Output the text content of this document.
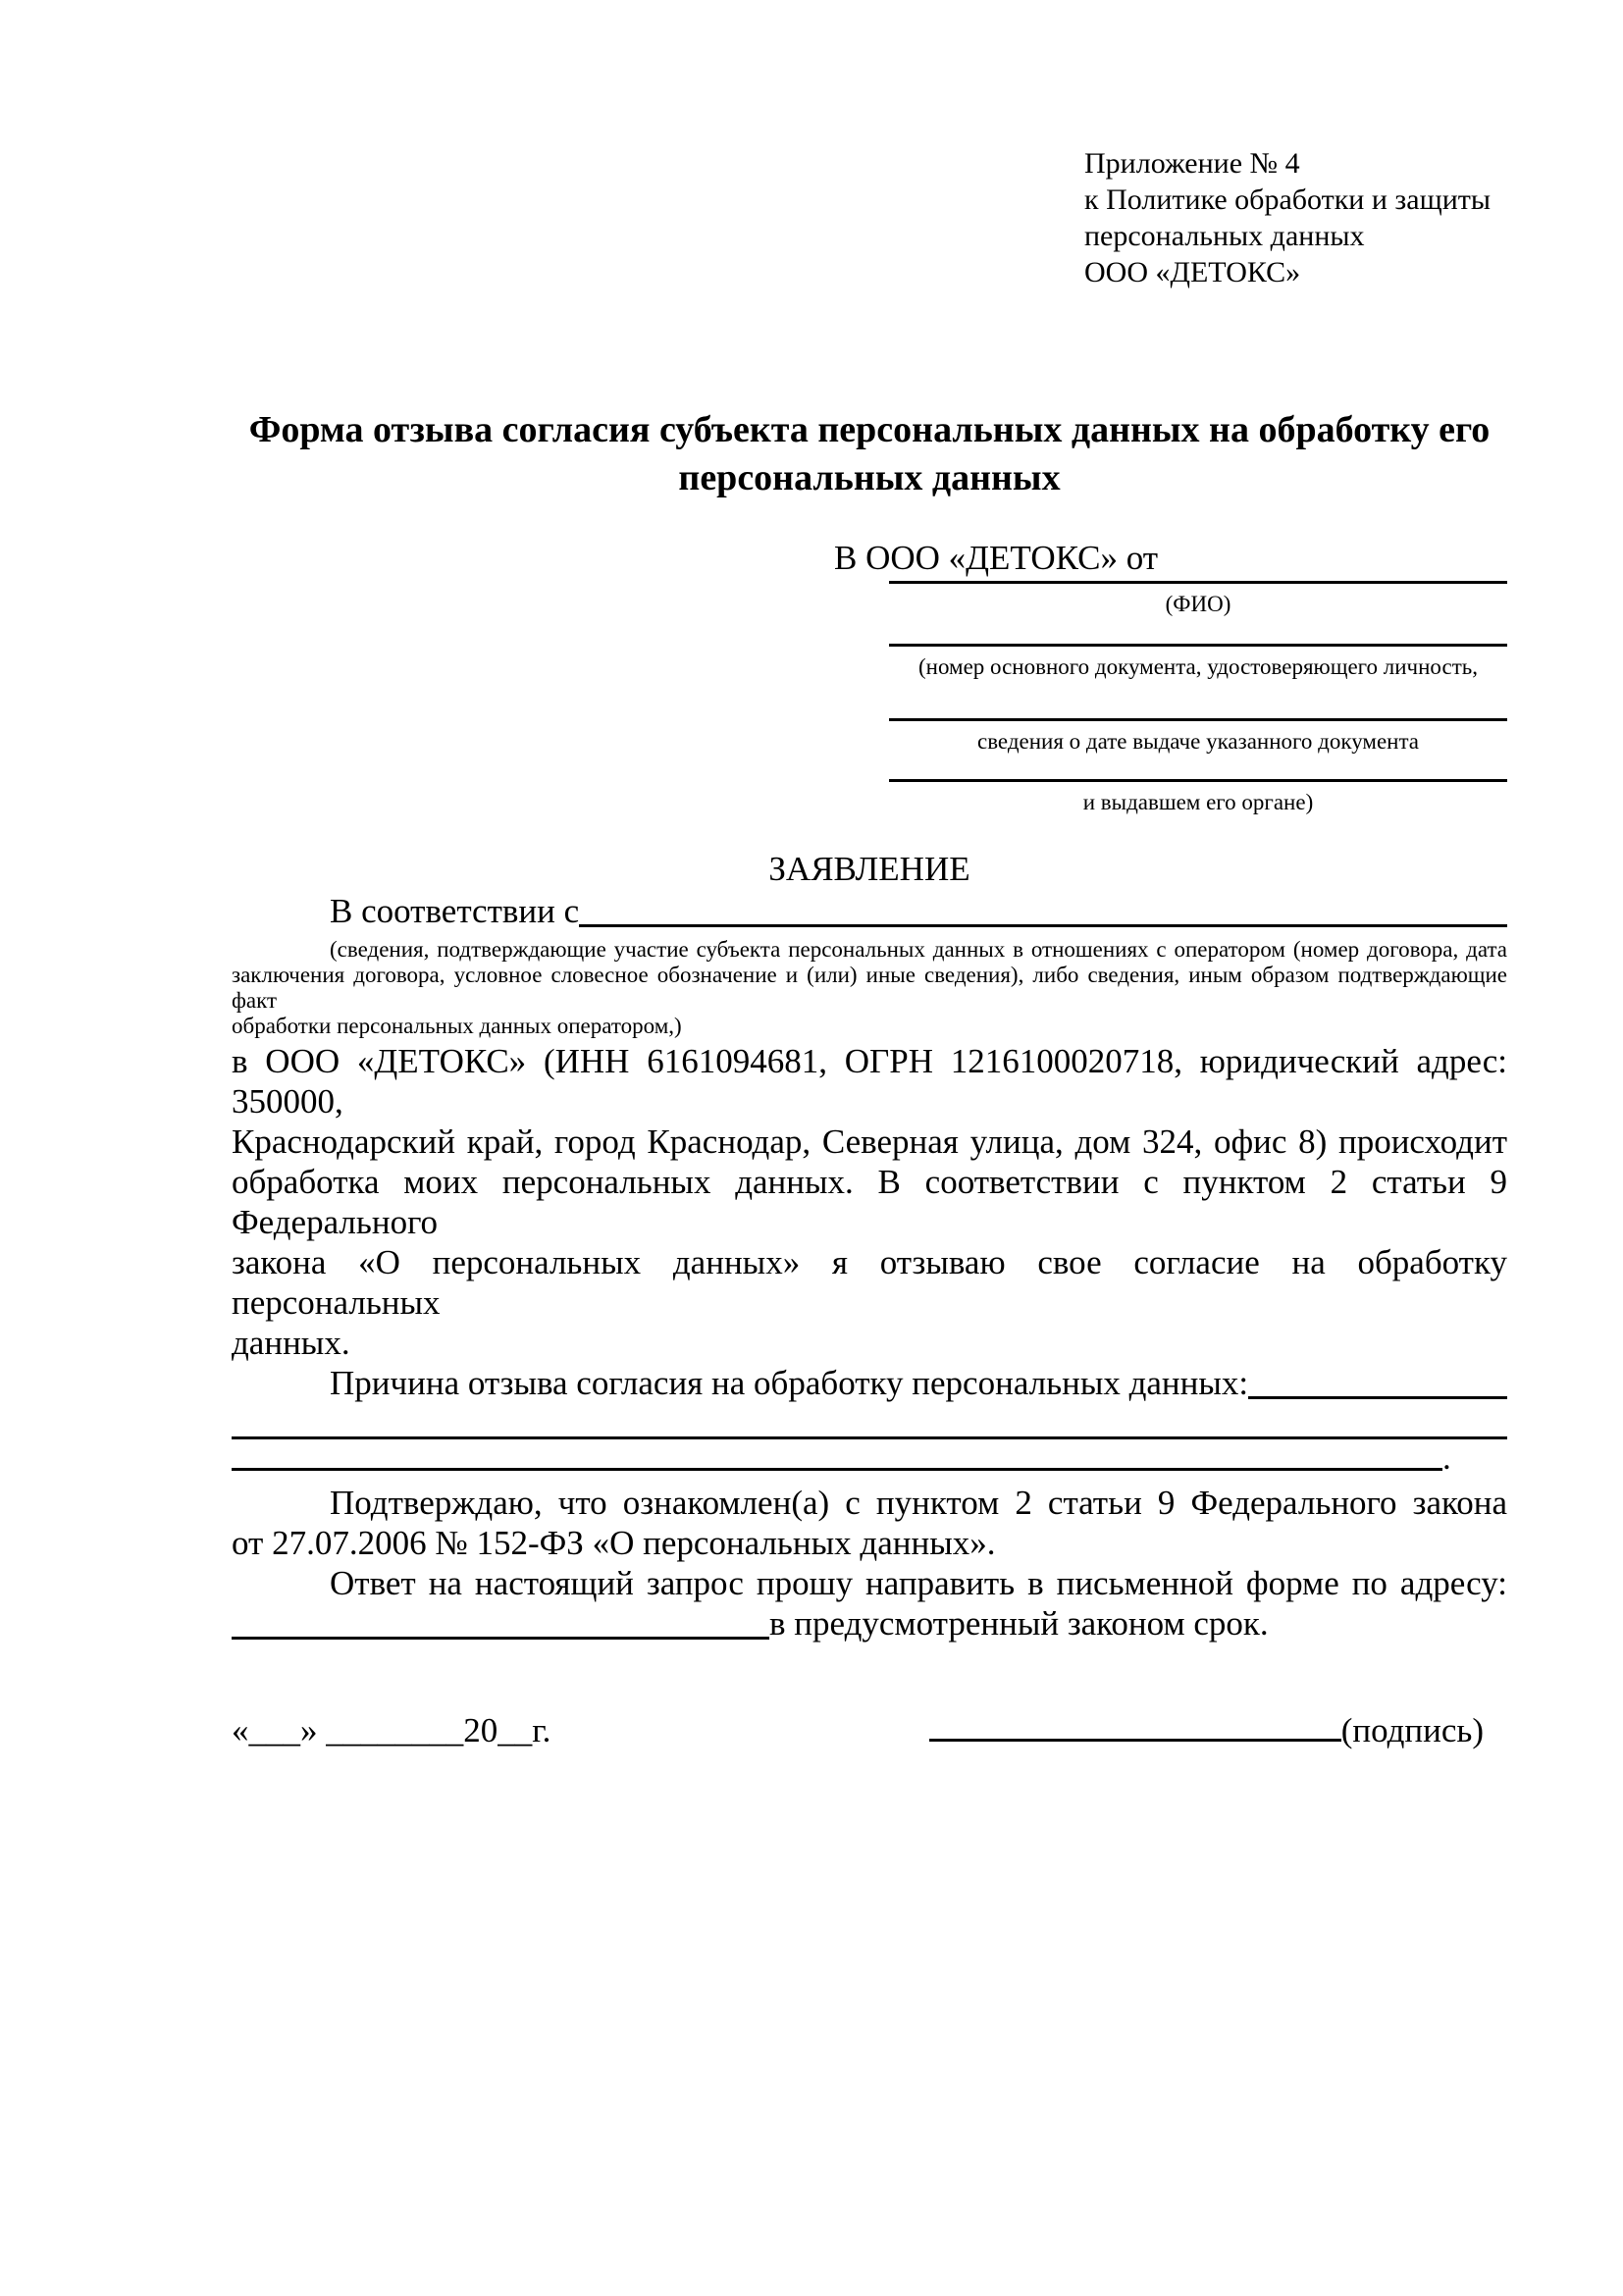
Приложение № 4
к Политике обработки и защиты
персональных данных
ООО «ДЕТОКС»
Форма отзыва согласия субъекта персональных данных на обработку его персональных данных
В ООО «ДЕТОКС» от
(ФИО)
(номер основного документа, удостоверяющего личность,
сведения о дате выдаче указанного документа
и выдавшем его органе)
ЗАЯВЛЕНИЕ
В соответствии с
(сведения, подтверждающие участие субъекта персональных данных в отношениях с оператором (номер договора, дата
заключения договора, условное словесное обозначение и (или) иные сведения), либо сведения, иным образом подтверждающие факт
обработки персональных данных оператором,)
в ООО «ДЕТОКС» (ИНН 6161094681, ОГРН 1216100020718, юридический адрес: 350000,
Краснодарский край, город Краснодар, Северная улица, дом 324, офис 8) происходит
обработка моих персональных данных. В соответствии с пунктом 2 статьи 9 Федерального
закона «О персональных данных» я отзываю свое согласие на обработку персональных
данных.
Причина отзыва согласия на обработку персональных данных:
.
Подтверждаю, что ознакомлен(а) с пунктом 2 статьи 9 Федерального закона
от 27.07.2006 № 152-ФЗ «О персональных данных».
Ответ на настоящий запрос прошу направить в письменной форме по адресу:
в предусмотренный законом срок.
«___» ________20__г.	(подпись)
